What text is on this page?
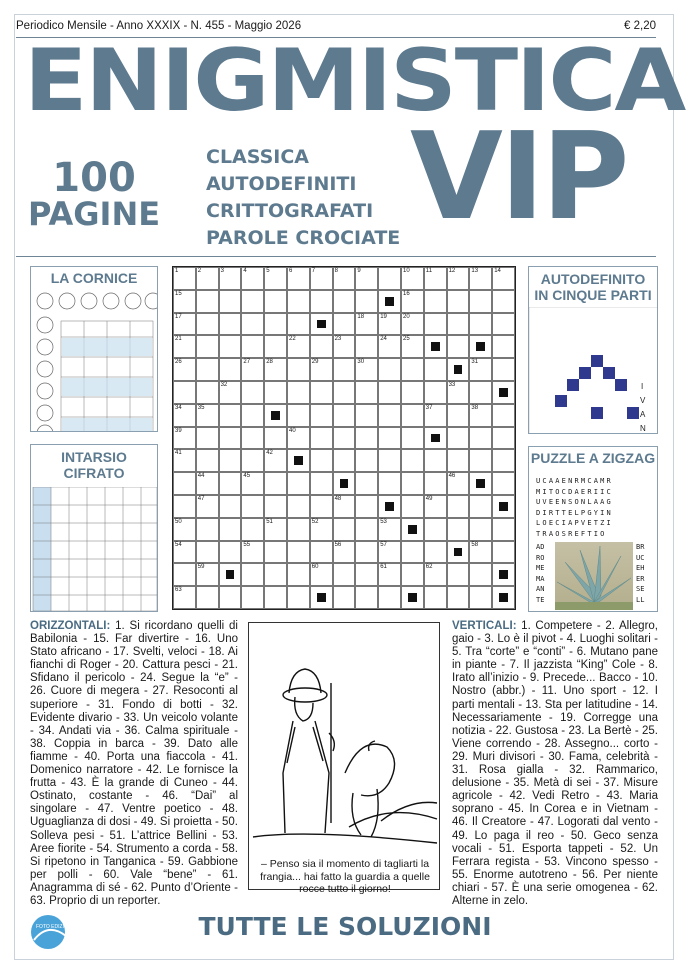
Periodico Mensile - Anno XXXIX - N. 455 - Maggio 2026	€ 2,20
ENIGMISTICA
VIP
100
PAGINE
CLASSICA
AUTODEFINITI
CRITTOGRAFATI
PAROLE CROCIATE
LA CORNICE
INTARSIO CIFRATO
1	2	3	4	5	6	7	8	9	10	11	12	13	14
15	16
17	18	19	20
21	22	23	24	25
26	27	28	29	30	31
32	33
34	35	37	38
39	40
41	42
44	45	46
47	48	49
50	51	52	53
54	55	56	57	58
59	60	61	62
63
AUTODEFINITO IN CINQUE PARTI
I
V
A
N
PUZZLE A ZIGZAG
UCAAENRMCAMR
MITOCDAERIIC
UVEENSONLAAG
DIRTTELPGYIN
LOECIAPVETZI
TRAOSREFTIO
AD
RO
ME
MA
AN
TE
BR
UC
EH
ER
SE
LL
ORIZZONTALI: 1. Si ricordano quelli di Babilonia - 15. Far divertire - 16. Uno Stato africano - 17. Svelti, veloci - 18. Ai fianchi di Roger - 20. Cattura pesci - 21. Sfidano il pericolo - 24. Segue la “e” - 26. Cuore di megera - 27. Resoconti al superiore - 31. Fondo di botti - 32. Evidente divario - 33. Un veicolo volante - 34. Andati via - 36. Calma spirituale - 38. Coppia in barca - 39. Dato alle fiamme - 40. Porta una fiaccola - 41. Domenico narratore - 42. Le fornisce la frutta - 43. È la grande di Cuneo - 44. Ostinato, costante - 46. “Dai” al singolare - 47. Ventre poetico - 48. Uguaglianza di dosi - 49. Si proietta - 50. Solleva pesi - 51. L’attrice Bellini - 53. Aree fiorite - 54. Strumento a corda - 58. Si ripetono in Tanganica - 59. Gabbione per polli - 60. Vale “bene” - 61. Anagramma di sé - 62. Punto d’Oriente - 63. Proprio di un reporter.
– Penso sia il momento di tagliarti la frangia... hai fatto la guardia a quelle rocce tutto il giorno!
VERTICALI: 1. Competere - 2. Allegro, gaio - 3. Lo è il pivot - 4. Luoghi solitari - 5. Tra “corte” e “conti” - 6. Mutano pane in piante - 7. Il jazzista “King” Cole - 8. Irato all’inizio - 9. Precede... Bacco - 10. Nostro (abbr.) - 11. Uno sport - 12. I parti mentali - 13. Sta per latitudine - 14. Necessariamente - 19. Corregge una notizia - 22. Gustosa - 23. La Bertè - 25. Viene correndo - 28. Assegno... corto - 29. Muri divisori - 30. Fama, celebrità - 31. Rosa gialla - 32. Rammarico, delusione - 35. Metà di sei - 37. Misure agricole - 42. Vedi Retro - 43. Maria soprano - 45. In Corea e in Vietnam - 46. Il Creatore - 47. Logorati dal vento - 49. Lo paga il reo - 50. Geco senza vocali - 51. Esporta tappeti - 52. Un Ferrara regista - 53. Vincono spesso - 55. Enorme autotreno - 56. Per niente chiari - 57. È una serie omogenea - 62. Alterne in zelo.
TUTTE LE SOLUZIONI
FOTO EDIZIONI
